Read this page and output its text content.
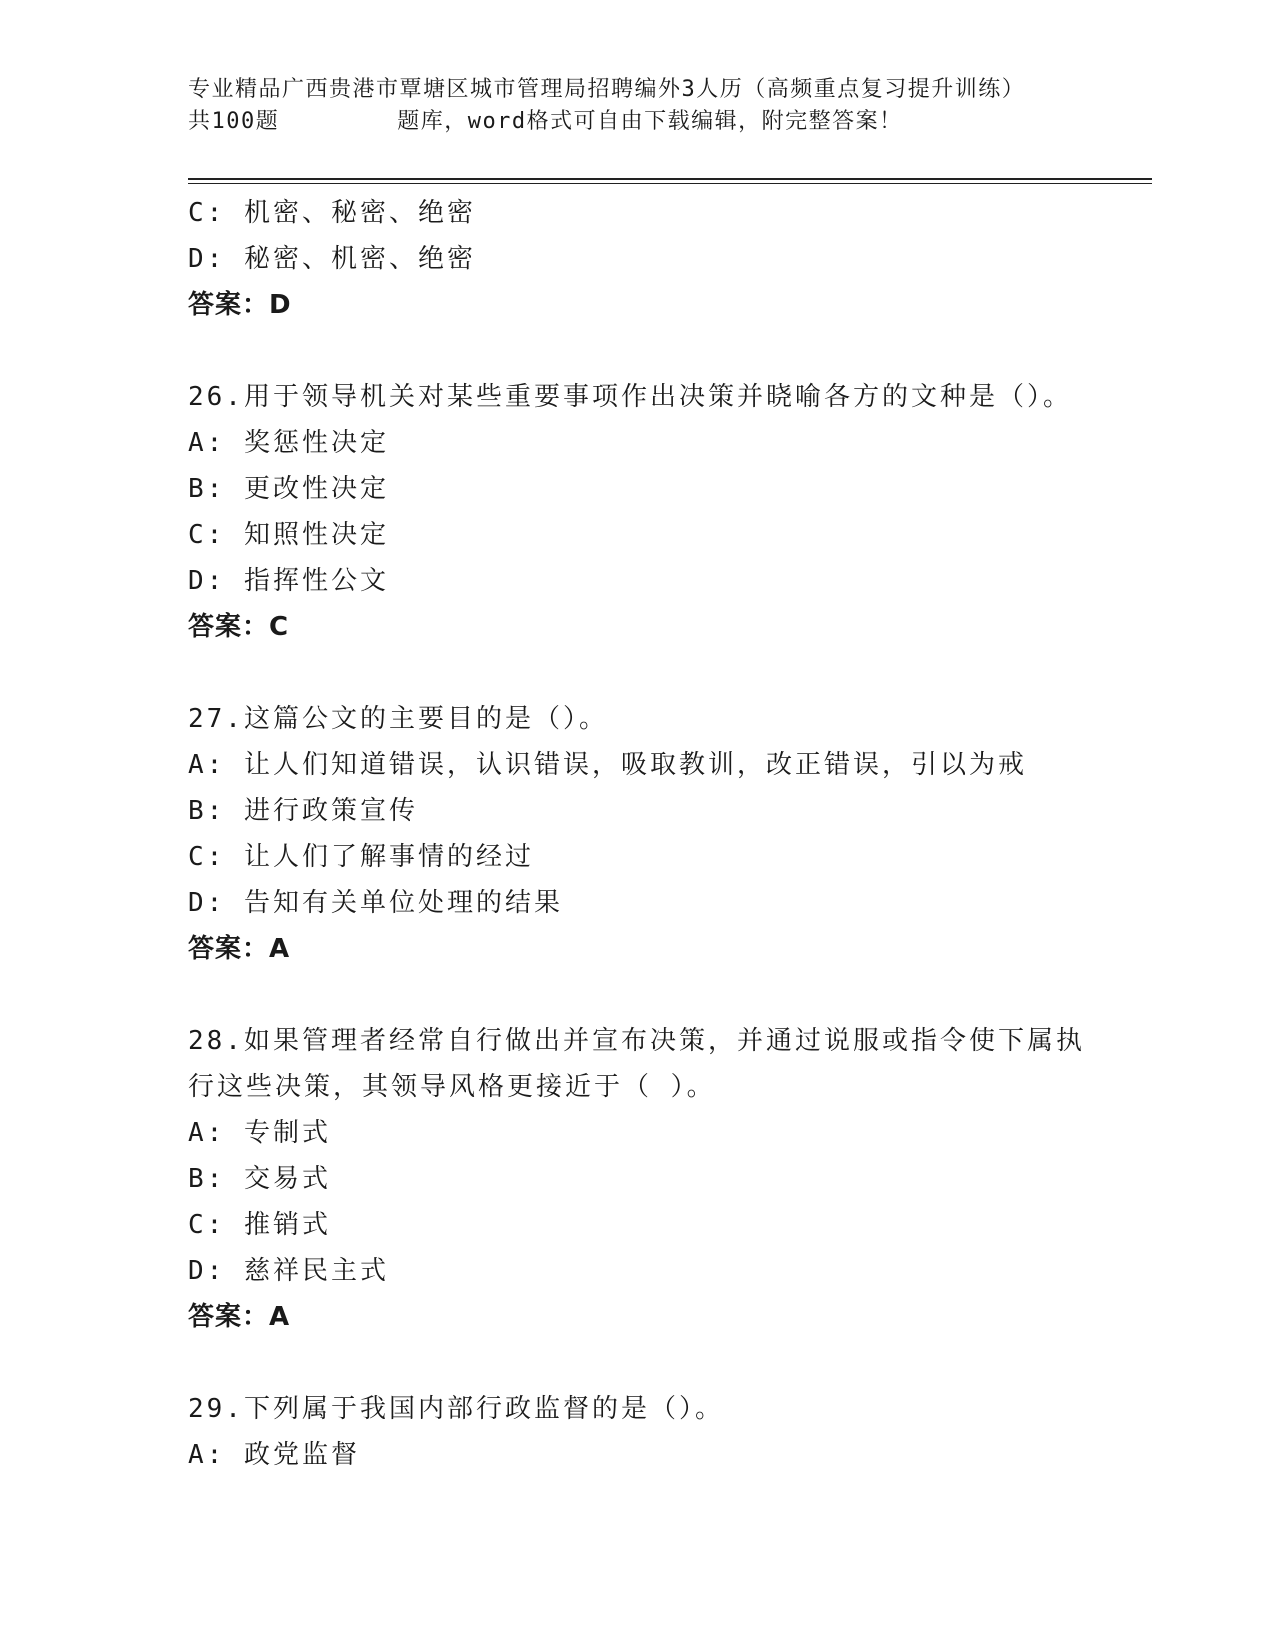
专业精品广西贵港市覃塘区城市管理局招聘编外3人历（高频重点复习提升训练）
共100题        题库，word格式可自由下载编辑，附完整答案！
C: 机密、秘密、绝密
D: 秘密、机密、绝密
答案：D
26.用于领导机关对某些重要事项作出决策并晓喻各方的文种是（）。
A: 奖惩性决定
B: 更改性决定
C: 知照性决定
D: 指挥性公文
答案：C
27.这篇公文的主要目的是（）。
A: 让人们知道错误，认识错误，吸取教训，改正错误，引以为戒
B: 进行政策宣传
C: 让人们了解事情的经过
D: 告知有关单位处理的结果
答案：A
28.如果管理者经常自行做出并宣布决策，并通过说服或指令使下属执
行这些决策，其领导风格更接近于（ ）。
A: 专制式
B: 交易式
C: 推销式
D: 慈祥民主式
答案：A
29.下列属于我国内部行政监督的是（）。
A: 政党监督
